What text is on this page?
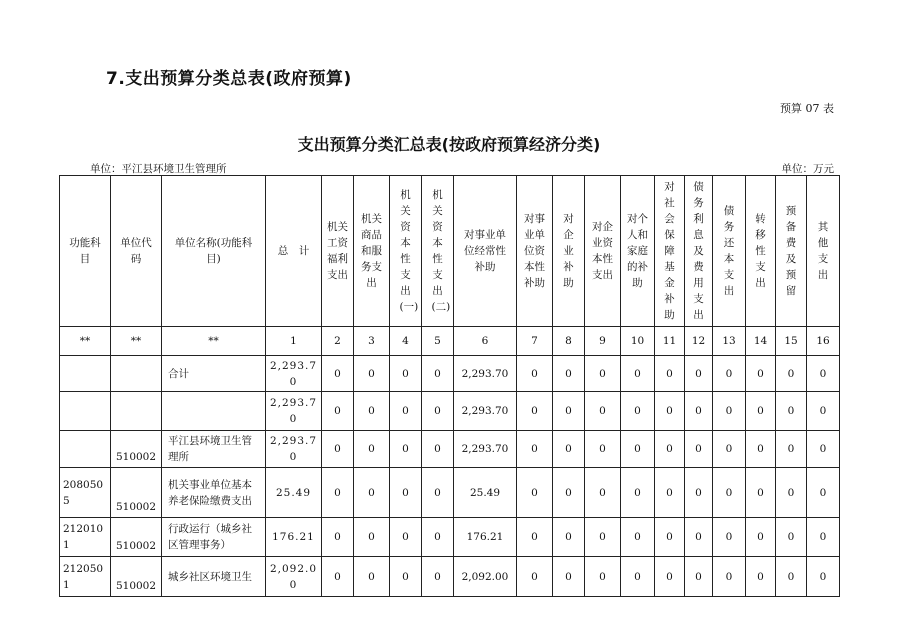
7.支出预算分类总表(政府预算)
预算 07 表
支出预算分类汇总表(按政府预算经济分类)
单位：平江县环境卫生管理所	单位：万元
功能科目	单位代码	单位名称(功能科目)	总　计	机关工资福利支出	机关商品和服务支出	机关资本性支出(一)	机关资本性支出(二)	对事业单位经常性补助	对事业单位资本性补助	对企业补助	对企业资本性支出	对个人和家庭的补助	对社会保障基金补助	债务利息及费用支出	债务还本支出	转移性支出	预备费及预留	其他支出
**	**	**	1	2	3	4	5	6	7	8	9	10	11	12	13	14	15	16
		合计	2,293.70	0	0	0	0	2,293.70	0	0	0	0	0	0	0	0	0	0
			2,293.70	0	0	0	0	2,293.70	0	0	0	0	0	0	0	0	0	0
	510002	平江县环境卫生管理所	2,293.70	0	0	0	0	2,293.70	0	0	0	0	0	0	0	0	0	0
2080505	510002	机关事业单位基本养老保险缴费支出	25.49	0	0	0	0	25.49	0	0	0	0	0	0	0	0	0	0
2120101	510002	行政运行（城乡社区管理事务）	176.21	0	0	0	0	176.21	0	0	0	0	0	0	0	0	0	0
2120501	510002	城乡社区环境卫生	2,092.00	0	0	0	0	2,092.00	0	0	0	0	0	0	0	0	0	0
